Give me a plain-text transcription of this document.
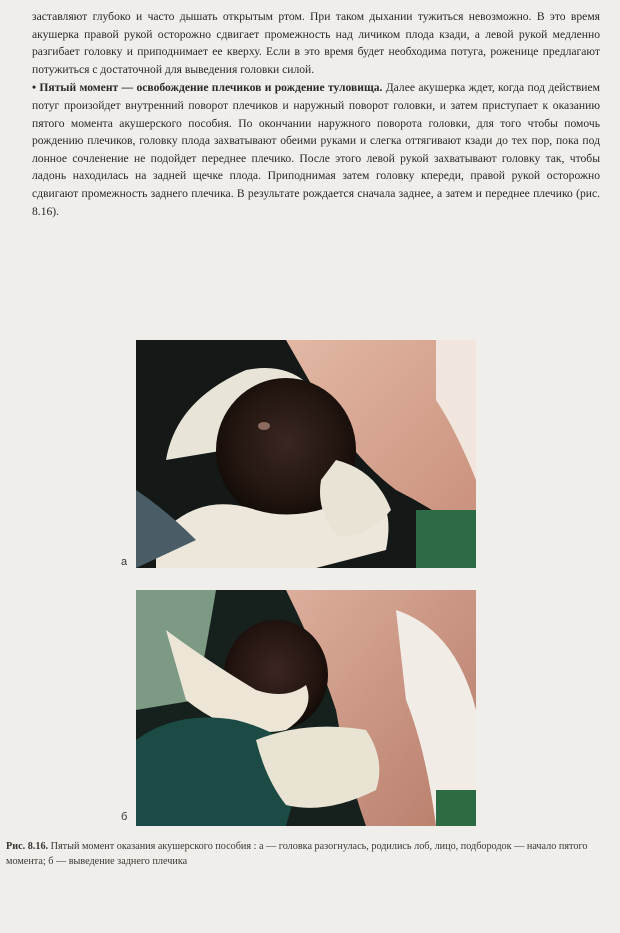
заставляют глубоко и часто дышать открытым ртом. При таком дыхании тужиться невозможно. В это время акушерка правой рукой осторожно сдвигает промежность над личиком плода кзади, а левой рукой медленно разгибает головку и приподнимает ее кверху. Если в это время будет необходима потуга, роженице предлагают потужиться с достаточной для выведения головки силой.

• Пятый момент — освобождение плечиков и рождение туловища. Далее акушерка ждет, когда под действием потуг произойдет внутренний поворот плечиков и наружный поворот головки, и затем приступает к оказанию пятого момента акушерского пособия. По окончании наружного поворота головки, для того чтобы помочь рождению плечиков, головку плода захватывают обеими руками и слегка оттягивают кзади до тех пор, пока под лонное сочленение не подойдет переднее плечико. После этого левой рукой захватывают головку так, чтобы ладонь находилась на задней щечке плода. Приподнимая затем головку кпереди, правой рукой осторожно сдвигают промежность заднего плечика. В результате рождается сначала заднее, а затем и переднее плечико (рис. 8.16).

а
б
Рис. 8.16. Пятый момент оказания акушерского пособия : а — головка разогнулась, родились лоб, лицо, подбородок — начало пятого момента; б — выведение заднего плечика
